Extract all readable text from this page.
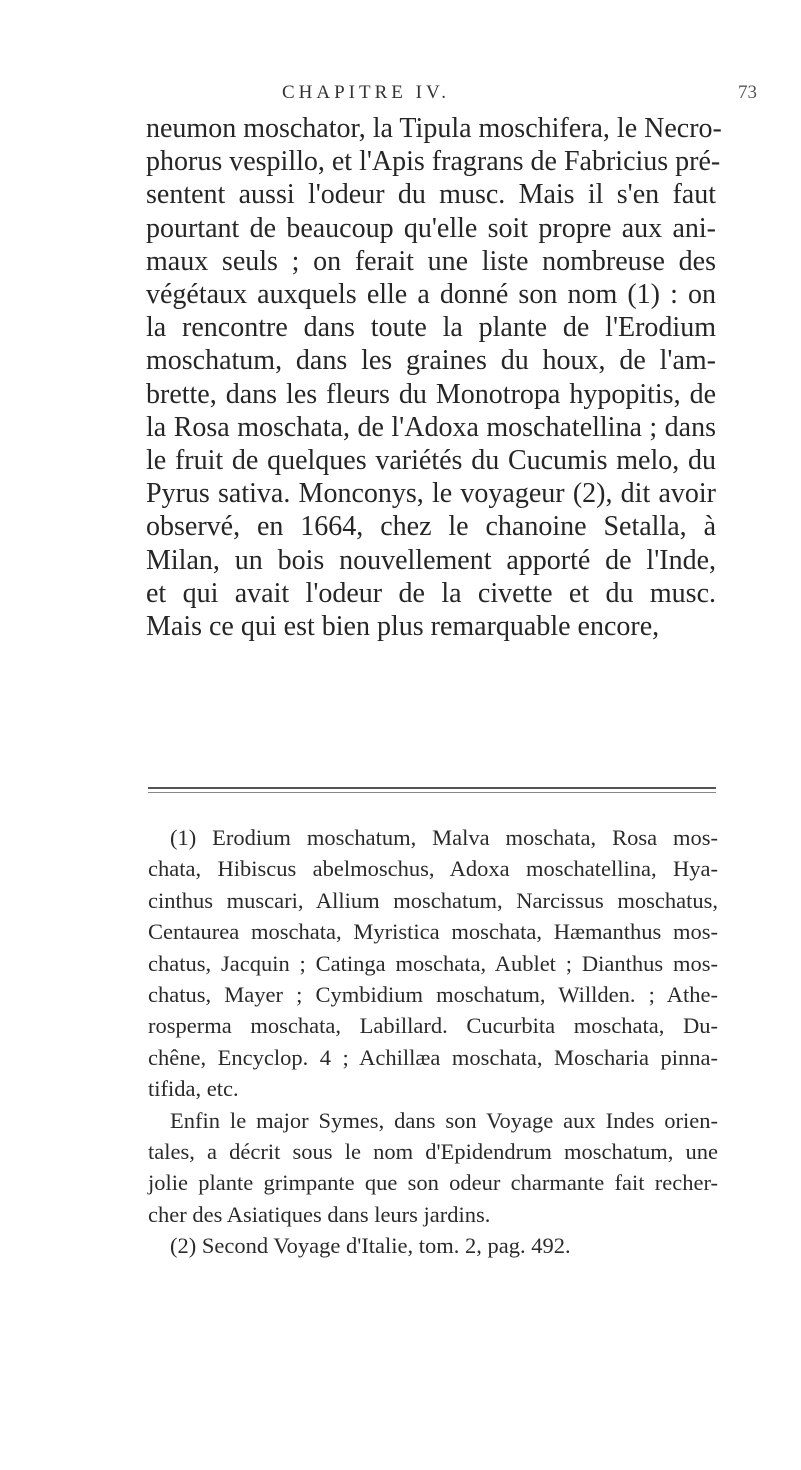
CHAPITRE IV.	73
neumon moschator, la Tipula moschifera, le Necro-
phorus vespillo, et l'Apis fragrans de Fabricius pré-
sentent aussi l'odeur du musc. Mais il s'en faut
pourtant de beaucoup qu'elle soit propre aux ani-
maux seuls ; on ferait une liste nombreuse des
végétaux auxquels elle a donné son nom (1) : on
la rencontre dans toute la plante de l'Erodium
moschatum, dans les graines du houx, de l'am-
brette, dans les fleurs du Monotropa hypopitis, de
la Rosa moschata, de l'Adoxa moschatellina ; dans
le fruit de quelques variétés du Cucumis melo, du
Pyrus sativa. Monconys, le voyageur (2), dit avoir
observé, en 1664, chez le chanoine Setalla, à
Milan, un bois nouvellement apporté de l'Inde,
et qui avait l'odeur de la civette et du musc.
Mais ce qui est bien plus remarquable encore,
(1) Erodium moschatum, Malva moschata, Rosa mos-
chata, Hibiscus abelmoschus, Adoxa moschatellina, Hya-
cinthus muscari, Allium moschatum, Narcissus moschatus,
Centaurea moschata, Myristica moschata, Hæmanthus mos-
chatus, Jacquin ; Catinga moschata, Aublet ; Dianthus mos-
chatus, Mayer ; Cymbidium moschatum, Willden. ; Athe-
rosperma moschata, Labillard. Cucurbita moschata, Du-
chêne, Encyclop. 4 ; Achillæa moschata, Moscharia pinna-
tifida, etc.
Enfin le major Symes, dans son Voyage aux Indes orien-
tales, a décrit sous le nom d'Epidendrum moschatum, une
jolie plante grimpante que son odeur charmante fait recher-
cher des Asiatiques dans leurs jardins.
(2) Second Voyage d'Italie, tom. 2, pag. 492.
